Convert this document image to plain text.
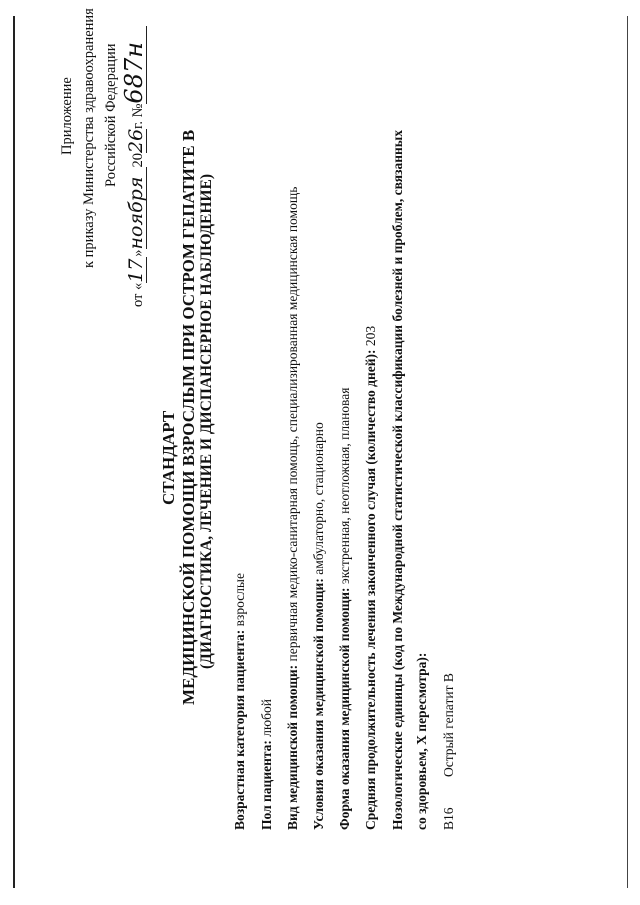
Приложение к приказу Министерства здравоохранения Российской Федерации
от «17»ноября2026г. №687н
СТАНДАРТ МЕДИЦИНСКОЙ ПОМОЩИ ВЗРОСЛЫМ ПРИ ОСТРОМ ГЕПАТИТЕ В (ДИАГНОСТИКА, ЛЕЧЕНИЕ И ДИСПАНСЕРНОЕ НАБЛЮДЕНИЕ)
Возрастная категория пациента: взрослые
Пол пациента: любой Вид медицинской помощи: первичная медико-санитарная помощь, специализированная медицинская помощь
Условия оказания медицинской помощи: амбулаторно, стационарно
Форма оказания медицинской помощи: экстренная, неотложная, плановая Средняя продолжительность лечения законченного случая (количество дней): 203 Нозологические единицы (код по Международной статистической классификации болезней и проблем, связанных со здоровьем, X пересмотра): B16
Острый гепатит B
